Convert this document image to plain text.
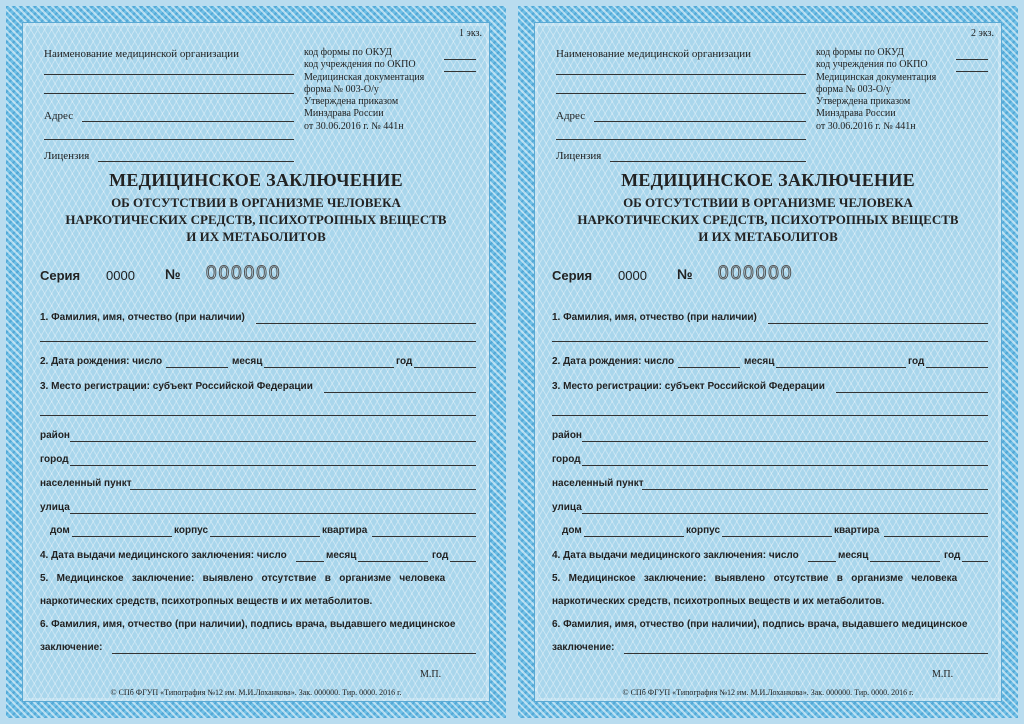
1 экз.
Наименование медицинской организации	код формы по ОКУД
код учреждения по ОКПО
Медицинская документация
форма № 003-О/у
Утверждена приказом
Минздрава России
от 30.06.2016 г. № 441н
Адрес
Лицензия
МЕДИЦИНСКОЕ ЗАКЛЮЧЕНИЕ
ОБ ОТСУТСТВИИ В ОРГАНИЗМЕ ЧЕЛОВЕКА
НАРКОТИЧЕСКИХ СРЕДСТВ, ПСИХОТРОПНЫХ ВЕЩЕСТВ
И ИХ МЕТАБОЛИТОВ
Серия 0000 № 000000
1. Фамилия, имя, отчество (при наличии)
2. Дата рождения: число	месяц	год
3. Место регистрации: субъект Российской Федерации
район
город
населенный пункт
улица
дом	корпус	квартира
4. Дата выдачи медицинского заключения: число	месяц	год
5.   Медицинское   заключение:   выявлено   отсутствие   в   организме   человека
наркотических средств, психотропных веществ и их метаболитов.
6. Фамилия, имя, отчество (при наличии), подпись врача, выдавшего медицинское
заключение:
М.П.
© СПб ФГУП «Типография №12 им. М.И.Лоханкова». Зак. 000000. Тир. 0000. 2016 г.
2 экз.
Наименование медицинской организации	код формы по ОКУД
код учреждения по ОКПО
Медицинская документация
форма № 003-О/у
Утверждена приказом
Минздрава России
от 30.06.2016 г. № 441н
Адрес
Лицензия
МЕДИЦИНСКОЕ ЗАКЛЮЧЕНИЕ
ОБ ОТСУТСТВИИ В ОРГАНИЗМЕ ЧЕЛОВЕКА
НАРКОТИЧЕСКИХ СРЕДСТВ, ПСИХОТРОПНЫХ ВЕЩЕСТВ
И ИХ МЕТАБОЛИТОВ
Серия 0000 № 000000
1. Фамилия, имя, отчество (при наличии)
2. Дата рождения: число	месяц	год
3. Место регистрации: субъект Российской Федерации
район
город
населенный пункт
улица
дом	корпус	квартира
4. Дата выдачи медицинского заключения: число	месяц	год
5.   Медицинское   заключение:   выявлено   отсутствие   в   организме   человека
наркотических средств, психотропных веществ и их метаболитов.
6. Фамилия, имя, отчество (при наличии), подпись врача, выдавшего медицинское
заключение:
М.П.
© СПб ФГУП «Типография №12 им. М.И.Лоханкова». Зак. 000000. Тир. 0000. 2016 г.
